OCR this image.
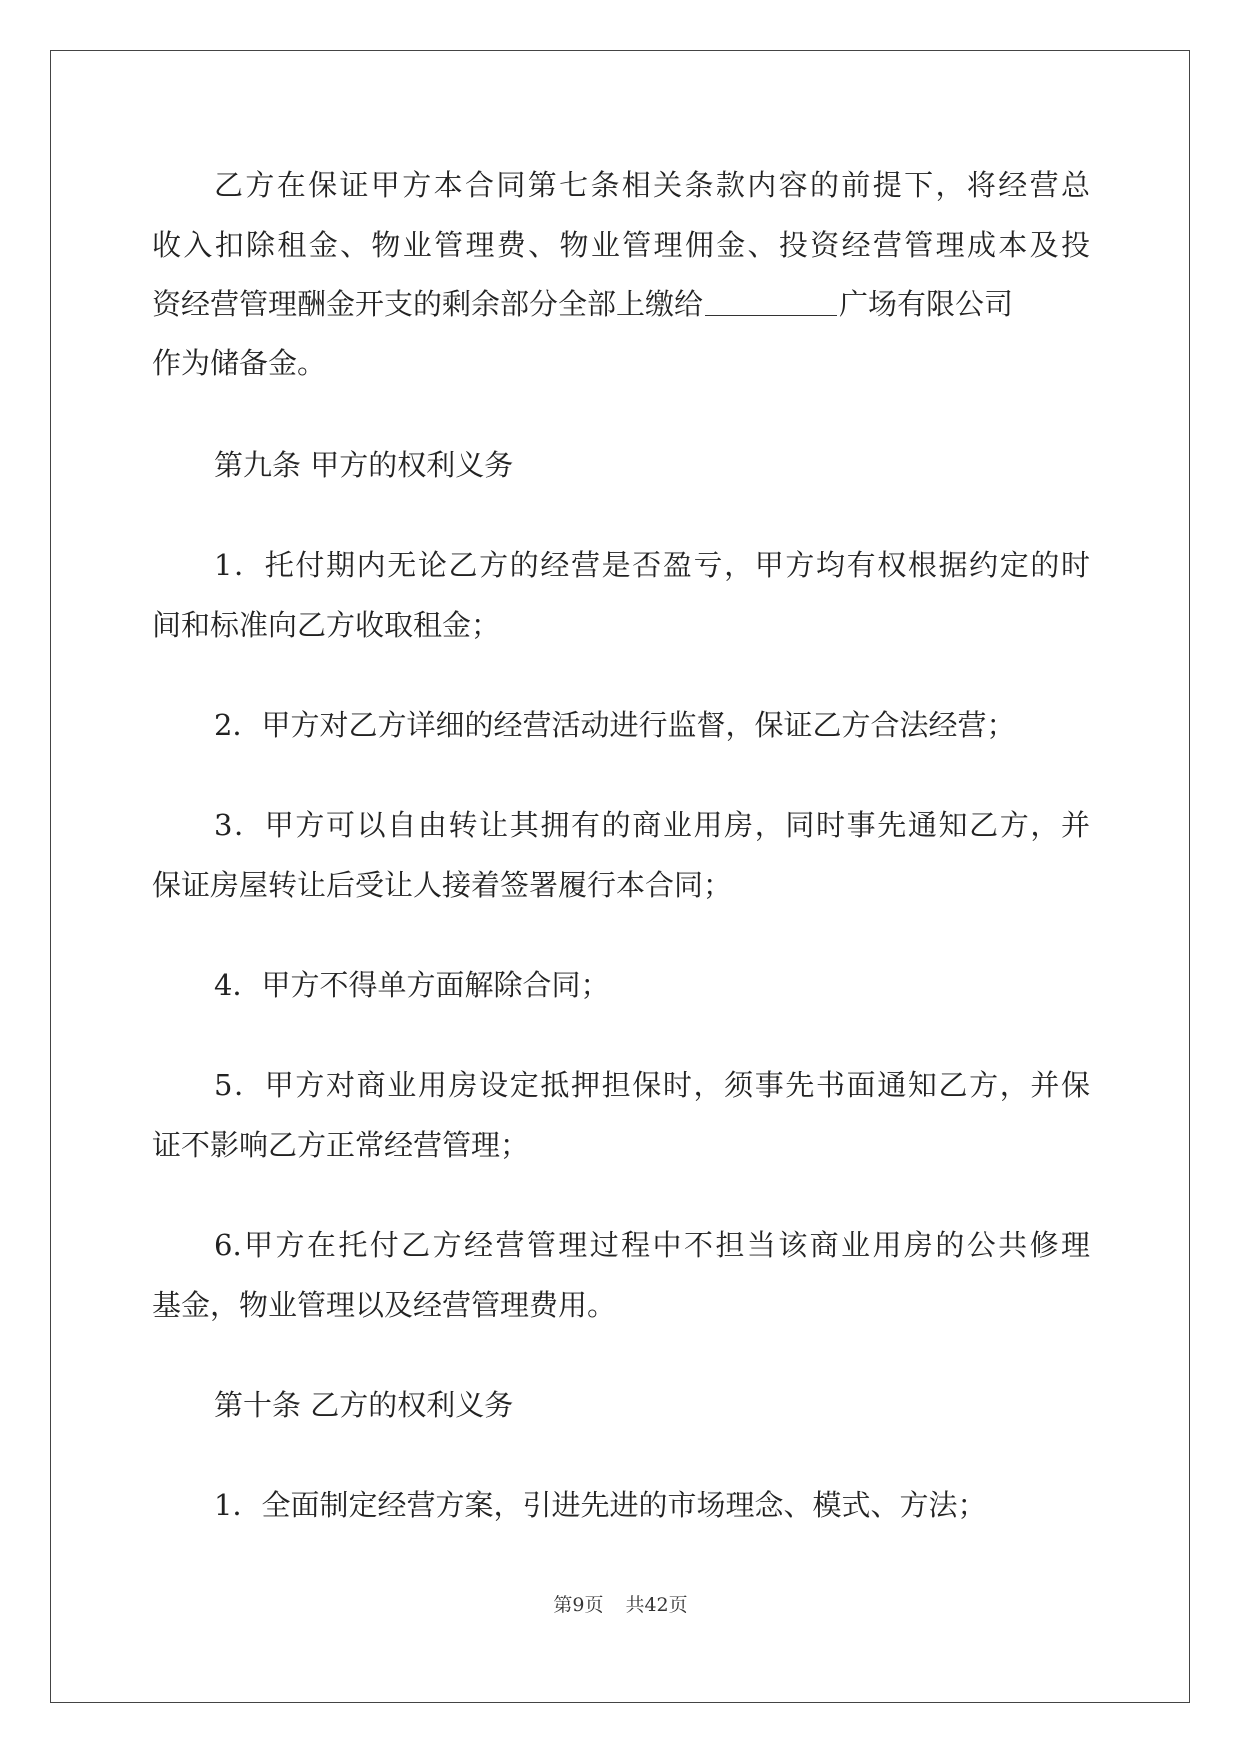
乙方在保证甲方本合同第七条相关条款内容的前提下，将经营总
收入扣除租金、物业管理费、物业管理佣金、投资经营管理成本及投
资经营管理酬金开支的剩余部分全部上缴给	广场有限公司
作为储备金。
第九条 甲方的权利义务
1．托付期内无论乙方的经营是否盈亏，甲方均有权根据约定的时
间和标准向乙方收取租金；
2．甲方对乙方详细的经营活动进行监督，保证乙方合法经营；
3．甲方可以自由转让其拥有的商业用房，同时事先通知乙方，并
保证房屋转让后受让人接着签署履行本合同；
4．甲方不得单方面解除合同；
5．甲方对商业用房设定抵押担保时，须事先书面通知乙方，并保
证不影响乙方正常经营管理；
6.甲方在托付乙方经营管理过程中不担当该商业用房的公共修理
基金，物业管理以及经营管理费用。
第十条 乙方的权利义务
1．全面制定经营方案，引进先进的市场理念、模式、方法；
第9页 共42页
